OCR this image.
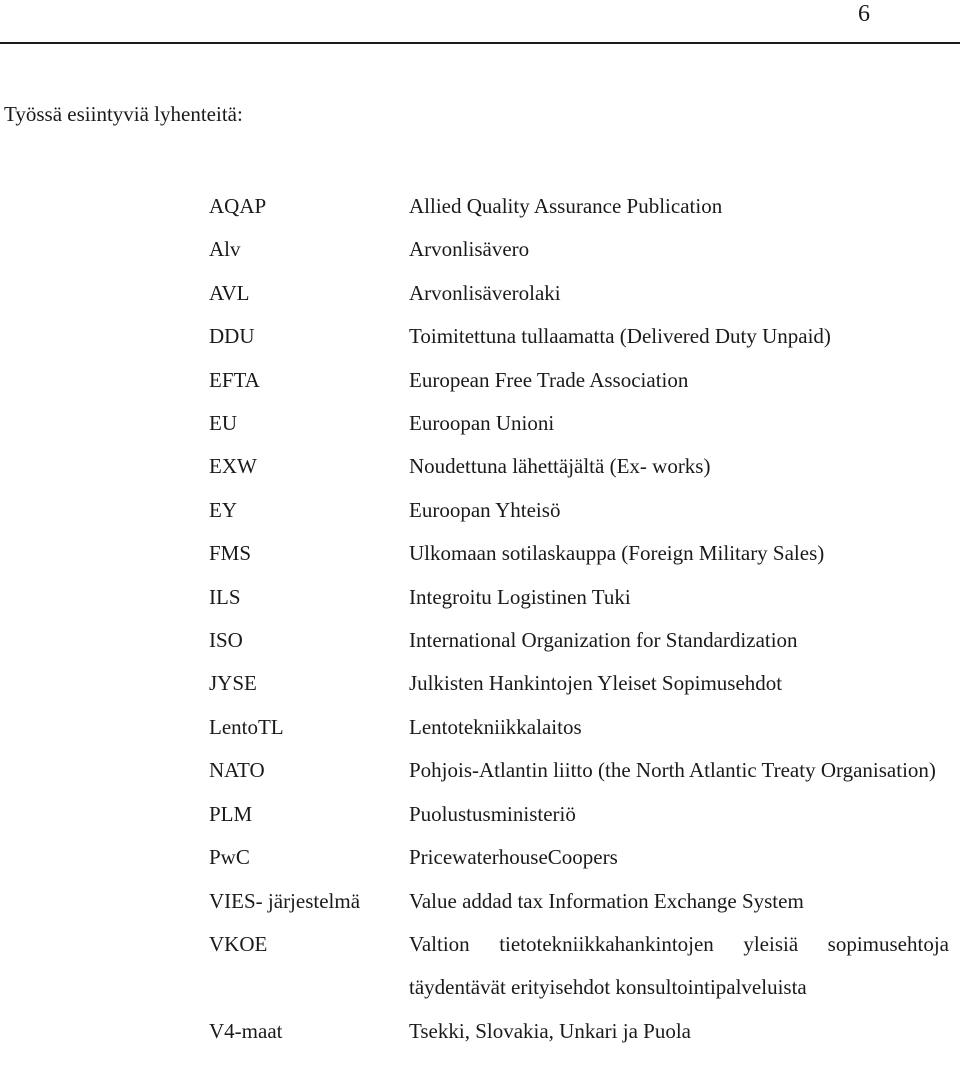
6
Työssä esiintyviä lyhenteitä:
AQAP	Allied Quality Assurance Publication
Alv	Arvonlisävero
AVL	Arvonlisäverolaki
DDU	Toimitettuna tullaamatta (Delivered Duty Unpaid)
EFTA	European Free Trade Association
EU	Euroopan Unioni
EXW	Noudettuna lähettäjältä (Ex- works)
EY	Euroopan Yhteisö
FMS	Ulkomaan sotilaskauppa (Foreign Military Sales)
ILS	Integroitu Logistinen Tuki
ISO	International Organization for Standardization
JYSE	Julkisten Hankintojen Yleiset Sopimusehdot
LentoTL	Lentotekniikkalaitos
NATO	Pohjois-Atlantin liitto (the North Atlantic Treaty Organisation)
PLM	Puolustusministeriö
PwC	PricewaterhouseCoopers
VIES- järjestelmä	Value addad tax Information Exchange System
VKOE	Valtion tietotekniikkahankintojen yleisiä sopimusehtoja täydentävät erityisehdot konsultointipalveluista
V4-maat	Tsekki, Slovakia, Unkari ja Puola
